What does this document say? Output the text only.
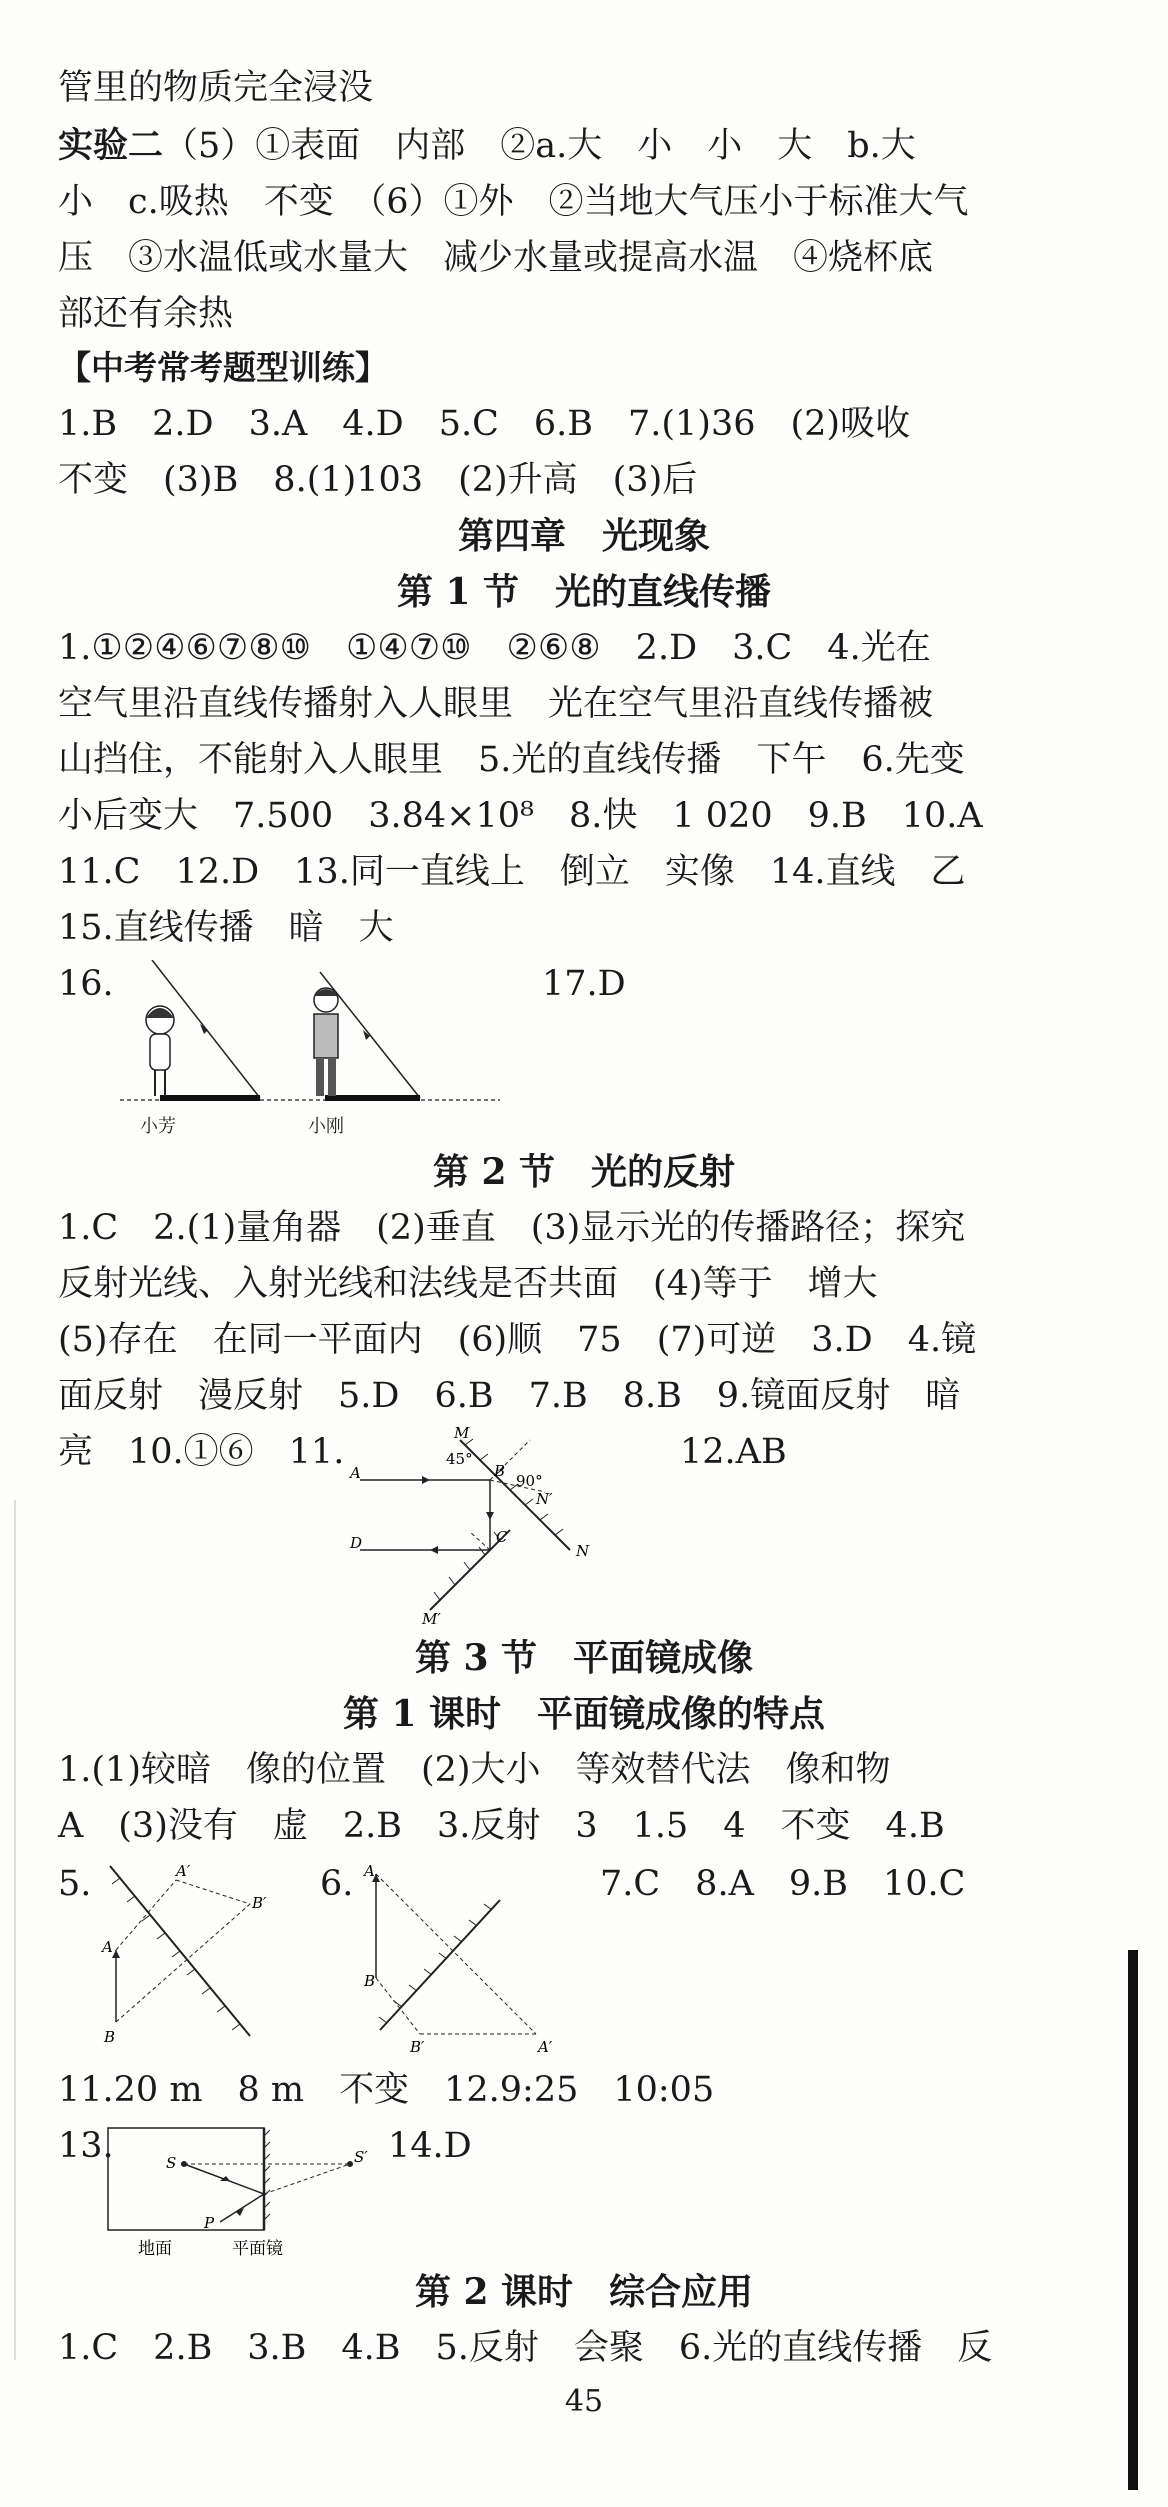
管里的物质完全浸没
实验二（5）①表面　内部　②a.大　小　小　大　b.大
小　c.吸热　不变　（6）①外　②当地大气压小于标准大气
压　③水温低或水量大　减少水量或提高水温　④烧杯底
部还有余热
【中考常考题型训练】
1.B　2.D　3.A　4.D　5.C　6.B　7.(1)36　(2)吸收
不变　(3)B　8.(1)103　(2)升高　(3)后
第四章　光现象
第 1 节　光的直线传播
1.①②④⑥⑦⑧⑩　①④⑦⑩　②⑥⑧　2.D　3.C　4.光在
空气里沿直线传播射入人眼里　光在空气里沿直线传播被
山挡住，不能射入人眼里　5.光的直线传播　下午　6.先变
小后变大　7.500　3.84×10⁸　8.快　1 020　9.B　10.A
11.C　12.D　13.同一直线上　倒立　实像　14.直线　乙
15.直线传播　暗　大
16.	17.D
小芳	小刚
第 2 节　光的反射
1.C　2.(1)量角器　(2)垂直　(3)显示光的传播路径；探究
反射光线、入射光线和法线是否共面　(4)等于　增大
(5)存在　在同一平面内　(6)顺　75　(7)可逆　3.D　4.镜
面反射　漫反射　5.D　6.B　7.B　8.B　9.镜面反射　暗
亮　10.①⑥　11.	12.AB
M
B
A
45°
90°
N′
C
D	N
M′
第 3 节　平面镜成像
第 1 课时　平面镜成像的特点
1.(1)较暗　像的位置　(2)大小　等效替代法　像和物
A　(3)没有　虚　2.B　3.反射　3　1.5　4　不变　4.B
5.	6.	7.C　8.A　9.B　10.C
A
B
A′
B′
A
B
B′	A′
11.20 m　8 m　不变　12.9:25　10:05
13.	14.D
S	S′
P
地面	平面镜
第 2 课时　综合应用
1.C　2.B　3.B　4.B　5.反射　会聚　6.光的直线传播　反
45
